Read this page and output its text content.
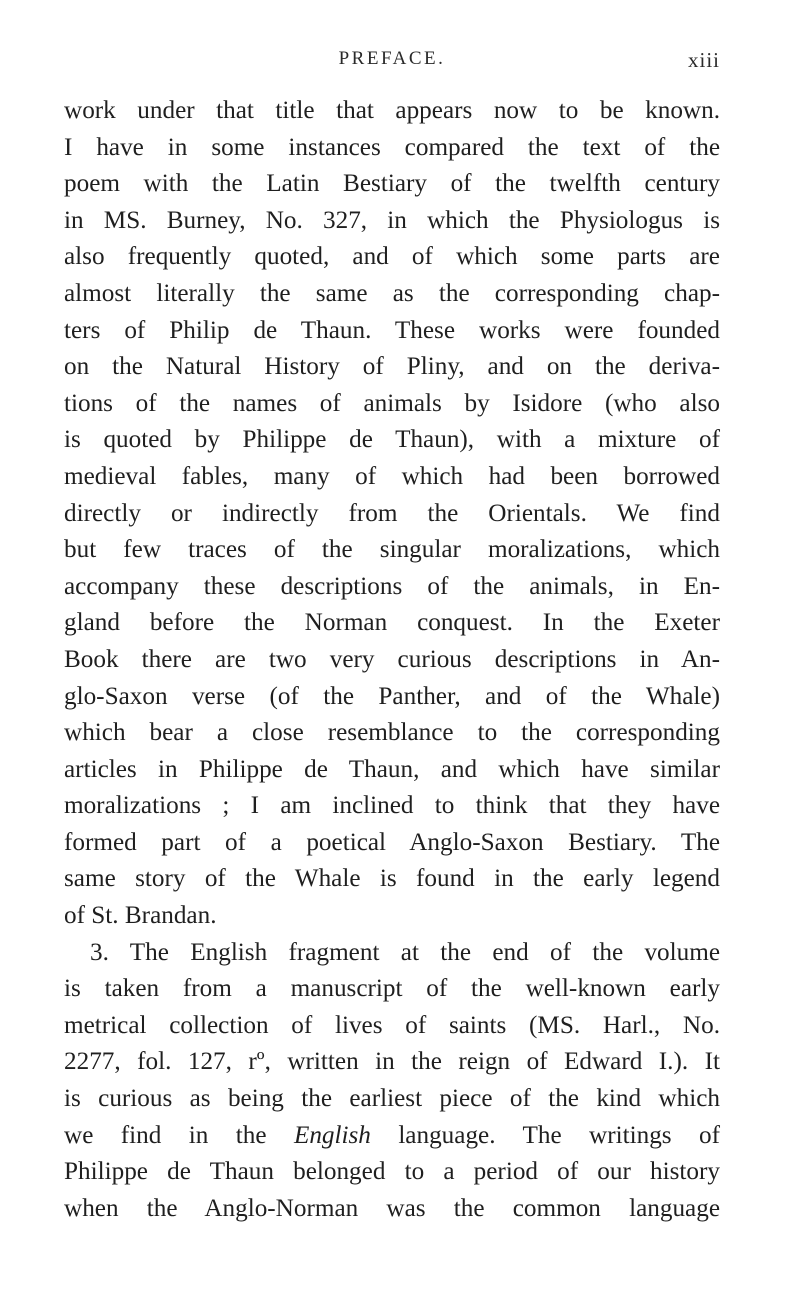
PREFACE.	xiii
work under that title that appears now to be known.
I have in some instances compared the text of the
poem with the Latin Bestiary of the twelfth century
in MS. Burney, No. 327, in which the Physiologus is
also frequently quoted, and of which some parts are
almost literally the same as the corresponding chap-
ters of Philip de Thaun. These works were founded
on the Natural History of Pliny, and on the deriva-
tions of the names of animals by Isidore (who also
is quoted by Philippe de Thaun), with a mixture of
medieval fables, many of which had been borrowed
directly or indirectly from the Orientals. We find
but few traces of the singular moralizations, which
accompany these descriptions of the animals, in En-
gland before the Norman conquest. In the Exeter
Book there are two very curious descriptions in An-
glo-Saxon verse (of the Panther, and of the Whale)
which bear a close resemblance to the corresponding
articles in Philippe de Thaun, and which have similar
moralizations ; I am inclined to think that they have
formed part of a poetical Anglo-Saxon Bestiary. The
same story of the Whale is found in the early legend
of St. Brandan.
3. The English fragment at the end of the volume
is taken from a manuscript of the well-known early
metrical collection of lives of saints (MS. Harl., No.
2277, fol. 127, rº, written in the reign of Edward I.). It
is curious as being the earliest piece of the kind which
we find in the English language. The writings of
Philippe de Thaun belonged to a period of our history
when the Anglo-Norman was the common language
